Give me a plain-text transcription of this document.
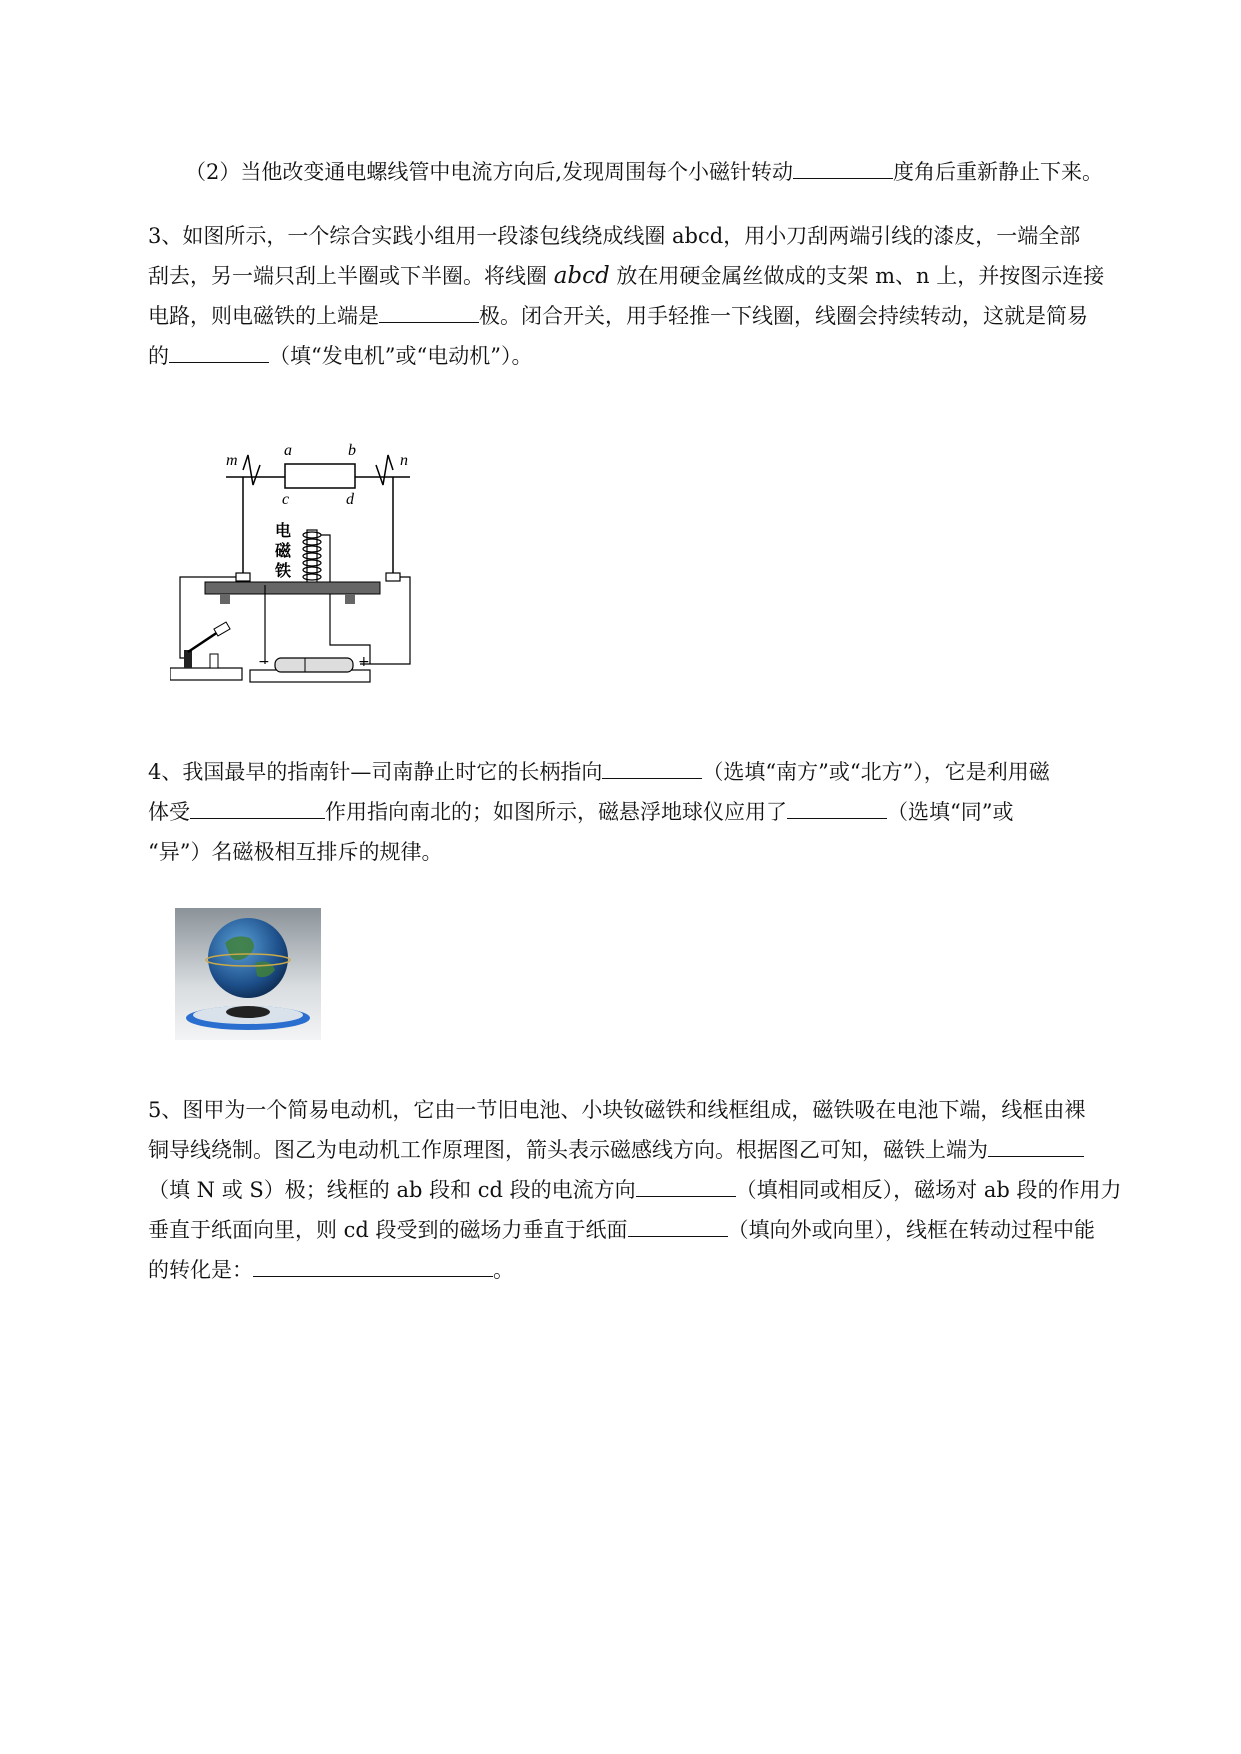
（2）当他改变通电螺线管中电流方向后,发现周围每个小磁针转动	度角后重新静止下来。

3、如图所示，一个综合实践小组用一段漆包线绕成线圈 abcd，用小刀刮两端引线的漆皮，一端全部
刮去，另一端只刮上半圈或下半圈。将线圈 abcd 放在用硬金属丝做成的支架 m、n 上，并按图示连接
电路，则电磁铁的上端是	极。闭合开关，用手轻推一下线圈，线圈会持续转动，这就是简易
的	（填“发电机”或“电动机”）。
m	n
a	b
c	d
电
磁
铁
−	+
4、我国最早的指南针—司南静止时它的长柄指向	（选填“南方”或“北方”），它是利用磁
体受	作用指向南北的；如图所示，磁悬浮地球仪应用了	（选填“同”或
“异”）名磁极相互排斥的规律。
5、图甲为一个简易电动机，它由一节旧电池、小块钕磁铁和线框组成，磁铁吸在电池下端，线框由裸
铜导线绕制。图乙为电动机工作原理图，箭头表示磁感线方向。根据图乙可知，磁铁上端为
（填 N 或 S）极；线框的 ab 段和 cd 段的电流方向	（填相同或相反），磁场对 ab 段的作用力
垂直于纸面向里，则 cd 段受到的磁场力垂直于纸面	（填向外或向里），线框在转动过程中能
的转化是：	。
